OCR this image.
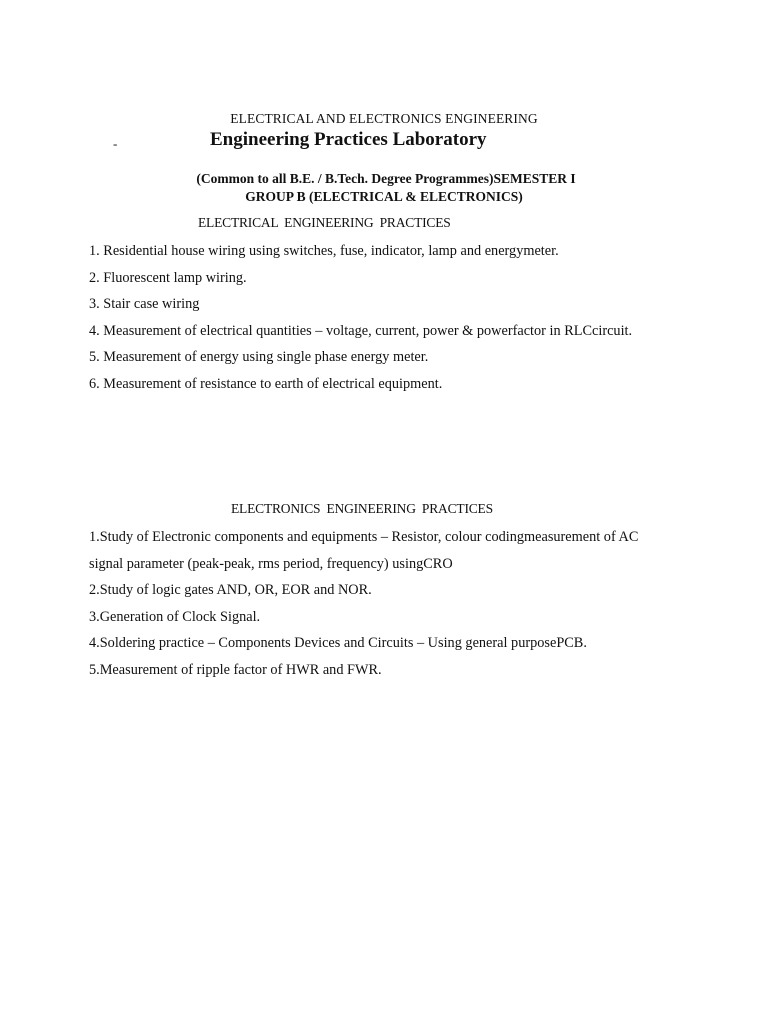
ELECTRICAL AND ELECTRONICS ENGINEERING
-	Engineering Practices Laboratory
(Common to all B.E. / B.Tech. Degree Programmes)SEMESTER I
GROUP B (ELECTRICAL & ELECTRONICS)
ELECTRICAL ENGINEERING PRACTICES
1. Residential house wiring using switches, fuse, indicator, lamp and energymeter.
2. Fluorescent lamp wiring.
3. Stair case wiring
4. Measurement of electrical quantities – voltage, current, power & powerfactor in RLCcircuit.
5. Measurement of energy using single phase energy meter.
6. Measurement of resistance to earth of electrical equipment.
ELECTRONICS ENGINEERING PRACTICES
1.Study of Electronic components and equipments – Resistor, colour codingmeasurement of AC
signal parameter (peak-peak, rms period, frequency) usingCRO
2.Study of logic gates AND, OR, EOR and NOR.
3.Generation of Clock Signal.
4.Soldering practice – Components Devices and Circuits – Using general purposePCB.
5.Measurement of ripple factor of HWR and FWR.
